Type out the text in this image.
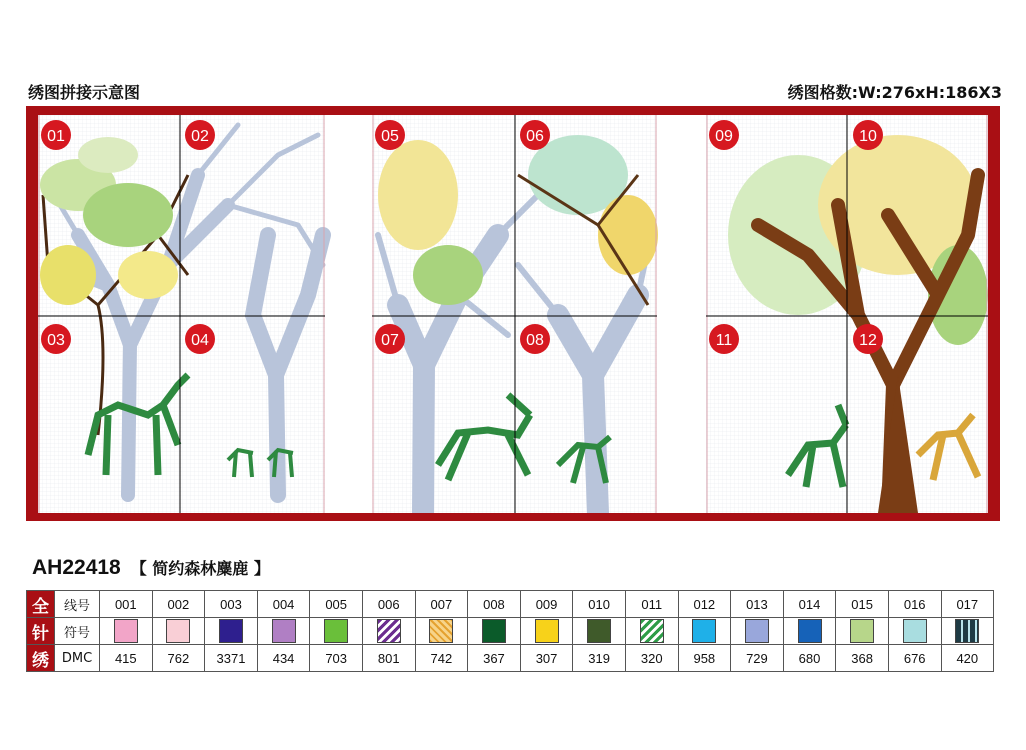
绣图拼接示意图	绣图格数:W:276xH:186X3
01	02
03	04
05	06
07	08
09	10
11	12
AH22418 【 简约森林麋鹿 】
全	线号	001	002	003	004	005	006	007	008	009	010	011	012	013	014	015	016	017
针	符号																	
绣	DMC	415	762	3371	434	703	801	742	367	307	319	320	958	729	680	368	676	420
